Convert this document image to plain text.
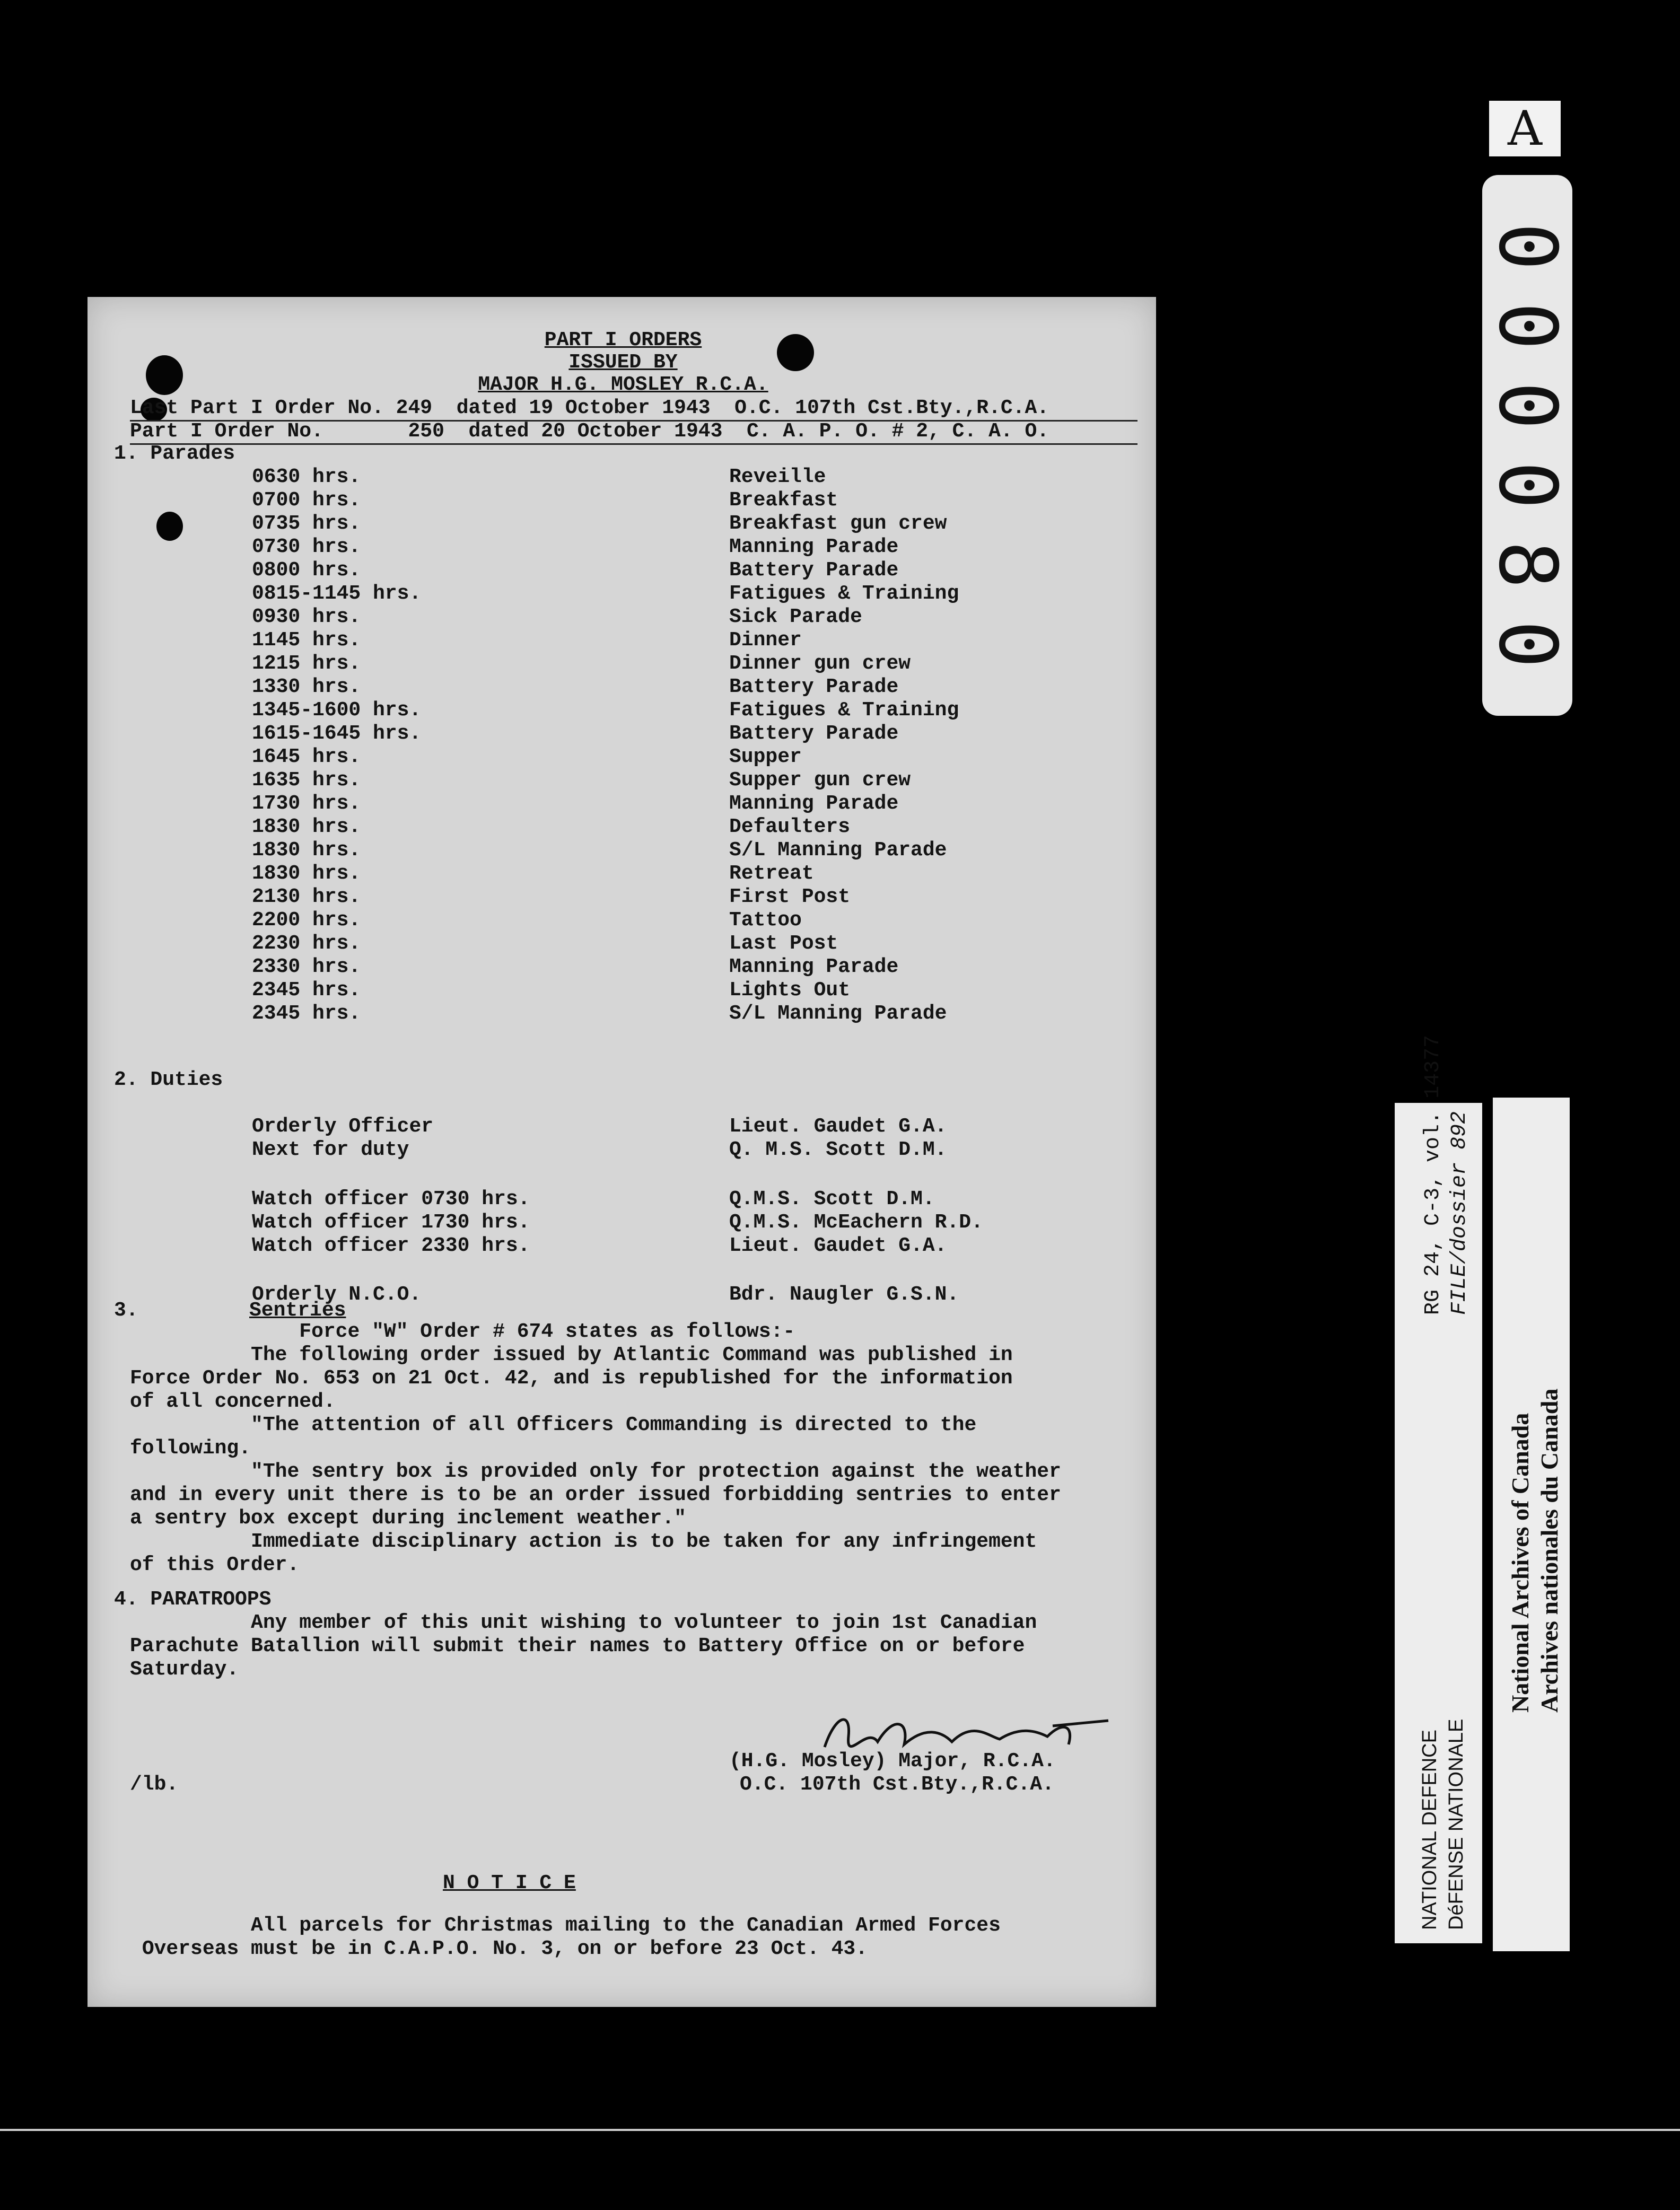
A
0
0
0
0
8
0
PART I ORDERS
ISSUED BY
MAJOR H.G. MOSLEY R.C.A.
Last Part I Order No. 249  dated 19 October 1943  O.C. 107th Cst.Bty.,R.C.A.
Part I Order No.       250  dated 20 October 1943  C. A. P. O. # 2, C. A. O.
1. Parades
0630 hrs.	Reveille
0700 hrs.	Breakfast
0735 hrs.	Breakfast gun crew
0730 hrs.	Manning Parade
0800 hrs.	Battery Parade
0815-1145 hrs.	Fatigues & Training
0930 hrs.	Sick Parade
1145 hrs.	Dinner
1215 hrs.	Dinner gun crew
1330 hrs.	Battery Parade
1345-1600 hrs.	Fatigues & Training
1615-1645 hrs.	Battery Parade
1645 hrs.	Supper
1635 hrs.	Supper gun crew
1730 hrs.	Manning Parade
1830 hrs.	Defaulters
1830 hrs.	S/L Manning Parade
1830 hrs.	Retreat
2130 hrs.	First Post
2200 hrs.	Tattoo
2230 hrs.	Last Post
2330 hrs.	Manning Parade
2345 hrs.	Lights Out
2345 hrs.	S/L Manning Parade
2. Duties
Orderly Officer	Lieut. Gaudet G.A.
Next for duty	Q. M.S. Scott D.M.
Watch officer 0730 hrs.	Q.M.S. Scott D.M.
Watch officer 1730 hrs.	Q.M.S. McEachern R.D.
Watch officer 2330 hrs.	Lieut. Gaudet G.A.
Orderly N.C.O.	Bdr. Naugler G.S.N.
3.	Sentries
Force "W" Order # 674 states as follows:-
The following order issued by Atlantic Command was published in
Force Order No. 653 on 21 Oct. 42, and is republished for the information
of all concerned.
"The attention of all Officers Commanding is directed to the
following.
"The sentry box is provided only for protection against the weather
and in every unit there is to be an order issued forbidding sentries to enter
a sentry box except during inclement weather."
Immediate disciplinary action is to be taken for any infringement
of this Order.
4. PARATROOPS
Any member of this unit wishing to volunteer to join 1st Canadian
Parachute Batallion will submit their names to Battery Office on or before
Saturday.
(H.G. Mosley) Major, R.C.A.
O.C. 107th Cst.Bty.,R.C.A.
/lb.
N O T I C E
All parcels for Christmas mailing to the Canadian Armed Forces
Overseas must be in C.A.P.O. No. 3, on or before 23 Oct. 43.
RG 24, C-3, vol. 14377 FILE/dossier 892
NATIONAL DEFENCE DéFENSE NATIONALE
National Archives of Canada Archives nationales du Canada
